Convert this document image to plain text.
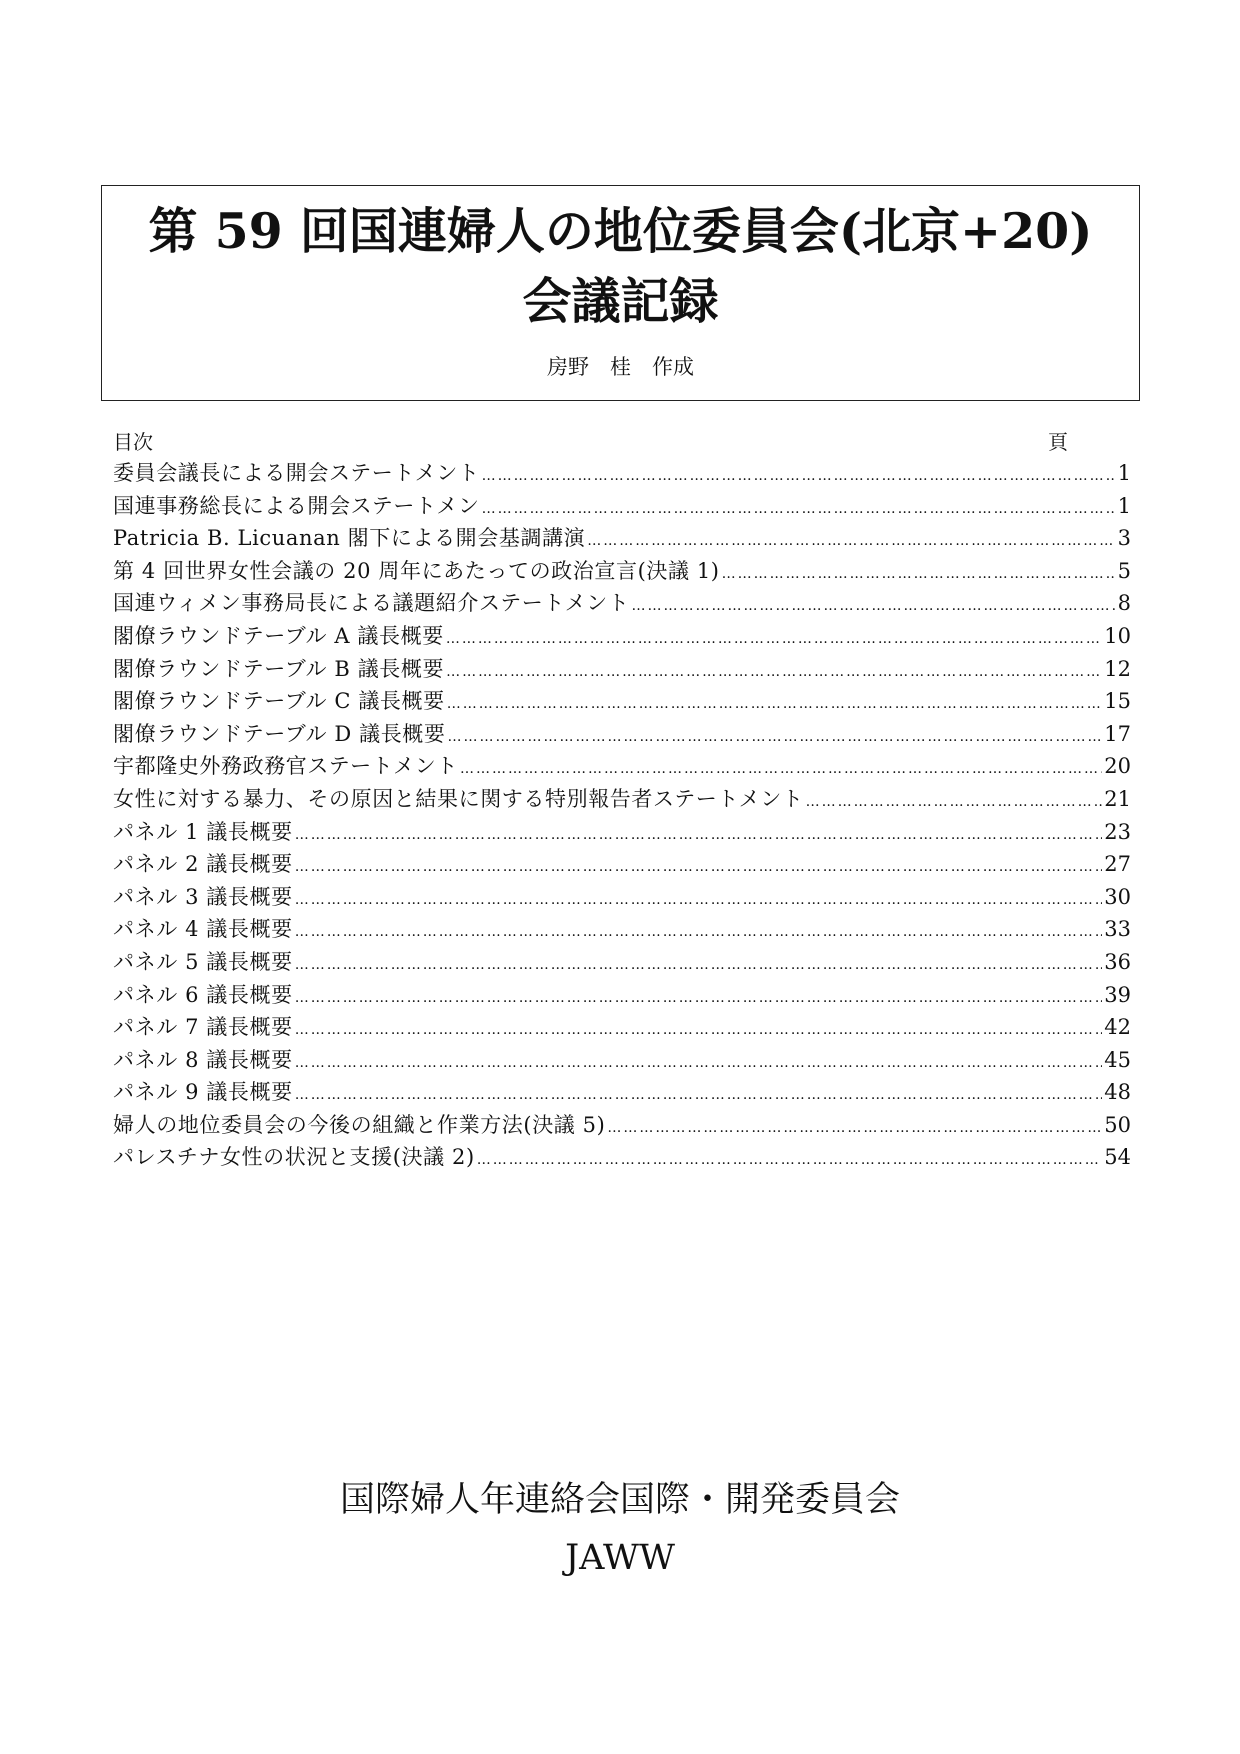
第 59 回国連婦人の地位委員会(北京+20)
会議記録
房野　桂　作成
目次	頁
委員会議長による開会ステートメント …………………………………………………………………………………………………………………………………………………………………………………………………	1
国連事務総長による開会ステートメン …………………………………………………………………………………………………………………………………………………………………………………………………	1
Patricia B. Licuanan 閣下による開会基調講演 …………………………………………………………………………………………………………………………………………………………………………………………………	3
第 4 回世界女性会議の 20 周年にあたっての政治宣言(決議 1) …………………………………………………………………………………………………………………………………………………………………………………………………	5
国連ウィメン事務局長による議題紹介ステートメント …………………………………………………………………………………………………………………………………………………………………………………………………	8
閣僚ラウンドテーブル A 議長概要 …………………………………………………………………………………………………………………………………………………………………………………………………	10
閣僚ラウンドテーブル B 議長概要 …………………………………………………………………………………………………………………………………………………………………………………………………	12
閣僚ラウンドテーブル C 議長概要 …………………………………………………………………………………………………………………………………………………………………………………………………	15
閣僚ラウンドテーブル D 議長概要 …………………………………………………………………………………………………………………………………………………………………………………………………	17
宇都隆史外務政務官ステートメント …………………………………………………………………………………………………………………………………………………………………………………………………	20
女性に対する暴力、その原因と結果に関する特別報告者ステートメント …………………………………………………………………………………………………………………………………………………………………………………………………	21
パネル 1 議長概要 …………………………………………………………………………………………………………………………………………………………………………………………………	23
パネル 2 議長概要 …………………………………………………………………………………………………………………………………………………………………………………………………	27
パネル 3 議長概要 …………………………………………………………………………………………………………………………………………………………………………………………………	30
パネル 4 議長概要 …………………………………………………………………………………………………………………………………………………………………………………………………	33
パネル 5 議長概要 …………………………………………………………………………………………………………………………………………………………………………………………………	36
パネル 6 議長概要 …………………………………………………………………………………………………………………………………………………………………………………………………	39
パネル 7 議長概要 …………………………………………………………………………………………………………………………………………………………………………………………………	42
パネル 8 議長概要 …………………………………………………………………………………………………………………………………………………………………………………………………	45
パネル 9 議長概要 …………………………………………………………………………………………………………………………………………………………………………………………………	48
婦人の地位委員会の今後の組織と作業方法(決議 5) …………………………………………………………………………………………………………………………………………………………………………………………………	50
パレスチナ女性の状況と支援(決議 2) …………………………………………………………………………………………………………………………………………………………………………………………………	54
国際婦人年連絡会国際・開発委員会
JAWW
